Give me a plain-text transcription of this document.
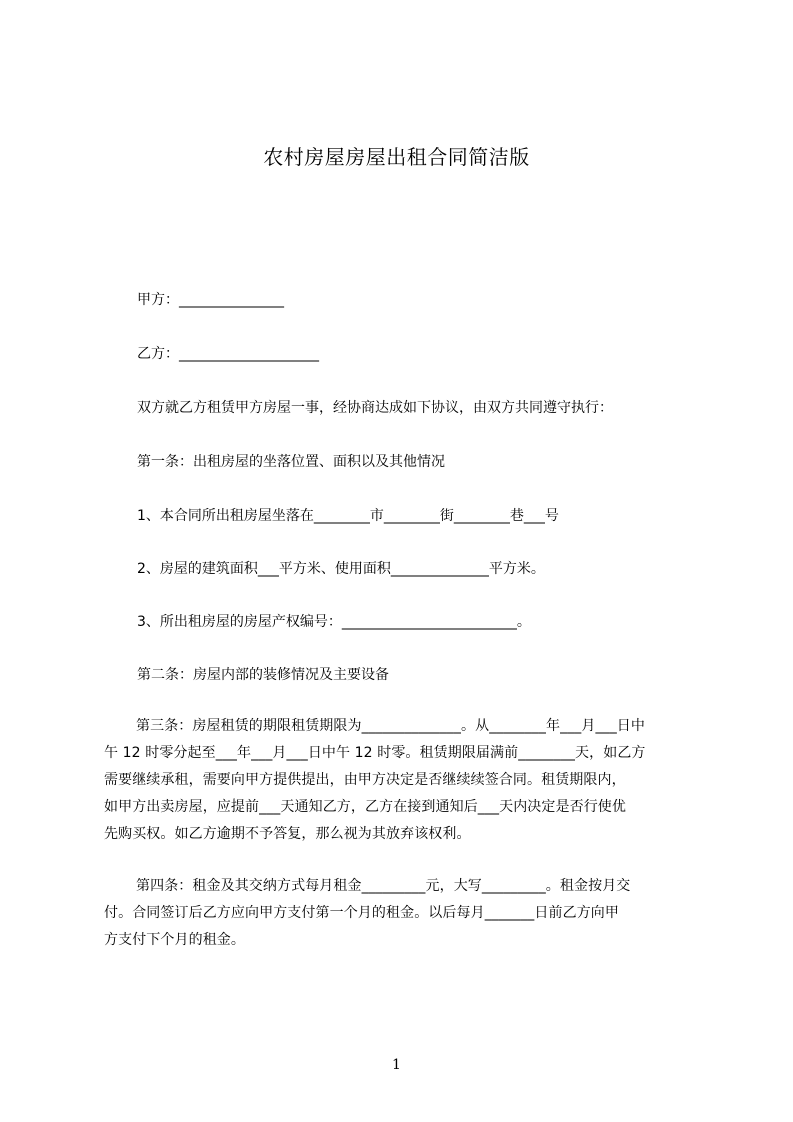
农村房屋房屋出租合同简洁版
甲方：_______________
乙方：____________________
双方就乙方租赁甲方房屋一事，经协商达成如下协议，由双方共同遵守执行：
第一条：出租房屋的坐落位置、面积以及其他情况
1、本合同所出租房屋坐落在________市________街________巷___号
2、房屋的建筑面积___平方米、使用面积______________平方米。
3、所出租房屋的房屋产权编号：_________________________。
第二条：房屋内部的装修情况及主要设备
第三条：房屋租赁的期限租赁期限为______________。从________年___月___日中
午 12 时零分起至___年___月___日中午 12 时零。租赁期限届满前________天，如乙方
需要继续承租，需要向甲方提供提出，由甲方决定是否继续续签合同。租赁期限内，
如甲方出卖房屋，应提前___天通知乙方，乙方在接到通知后___天内决定是否行使优
先购买权。如乙方逾期不予答复，那么视为其放弃该权利。
第四条：租金及其交纳方式每月租金_________元，大写_________。租金按月交
付。合同签订后乙方应向甲方支付第一个月的租金。以后每月_______日前乙方向甲
方支付下个月的租金。
1
